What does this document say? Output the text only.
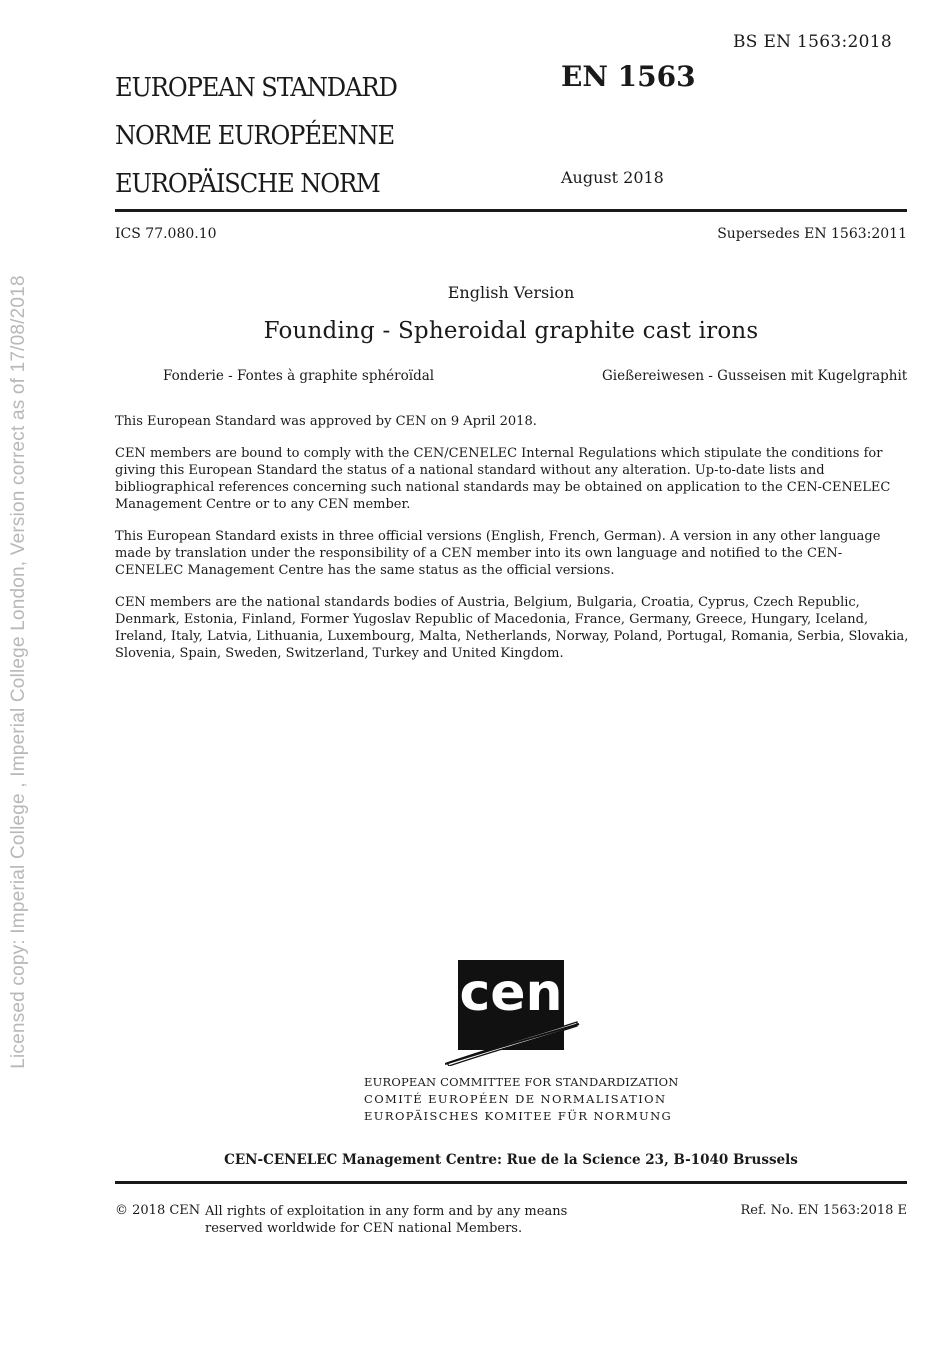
BS EN 1563:2018
EUROPEAN STANDARD
NORME EUROPÉENNE
EUROPÄISCHE NORM
EN 1563
August 2018
ICS 77.080.10	Supersedes EN 1563:2011
English Version
Founding - Spheroidal graphite cast irons
Fonderie - Fontes à graphite sphéroïdal	Gießereiwesen - Gusseisen mit Kugelgraphit

This European Standard was approved by CEN on 9 April 2018.

CEN members are bound to comply with the CEN/CENELEC Internal Regulations which stipulate the conditions for giving this European Standard the status of a national standard without any alteration. Up-to-date lists and bibliographical references concerning such national standards may be obtained on application to the CEN-CENELEC Management Centre or to any CEN member.

This European Standard exists in three official versions (English, French, German). A version in any other language made by translation under the responsibility of a CEN member into its own language and notified to the CEN-CENELEC Management Centre has the same status as the official versions.

CEN members are the national standards bodies of Austria, Belgium, Bulgaria, Croatia, Cyprus, Czech Republic, Denmark, Estonia, Finland, Former Yugoslav Republic of Macedonia, France, Germany, Greece, Hungary, Iceland, Ireland, Italy, Latvia, Lithuania, Luxembourg, Malta, Netherlands, Norway, Poland, Portugal, Romania, Serbia, Slovakia, Slovenia, Spain, Sweden, Switzerland, Turkey and United Kingdom.

Licensed copy: Imperial College , Imperial College London, Version correct as of 17/08/2018	cen
EUROPEAN COMMITTEE FOR STANDARDIZATION
COMITÉ EUROPÉEN DE NORMALISATION
EUROPÄISCHES KOMITEE FÜR NORMUNG
CEN-CENELEC Management Centre: Rue de la Science 23, B-1040 Brussels
© 2018 CEN All rights of exploitation in any form and by any means reserved worldwide for CEN national Members.
Ref. No. EN 1563:2018 E
